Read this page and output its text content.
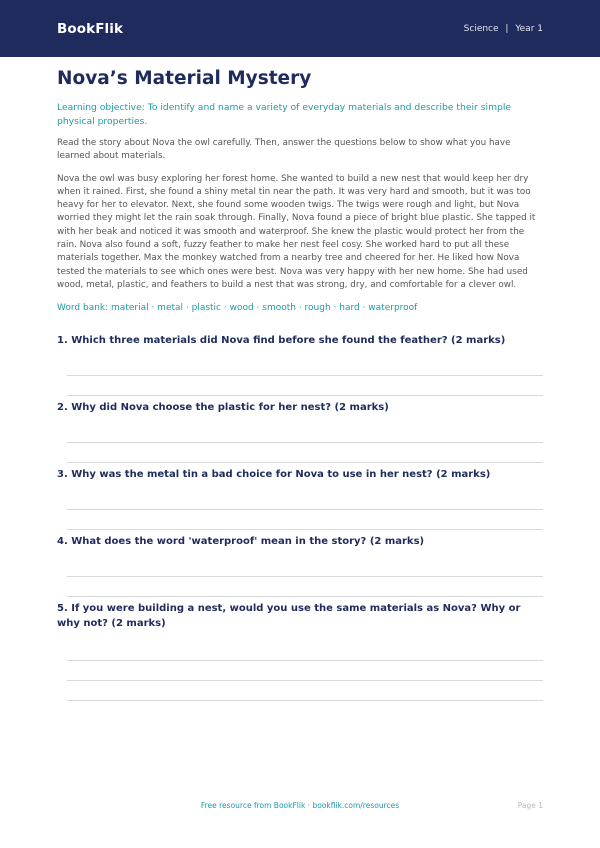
BookFlik	Science | Year 1
Nova’s Material Mystery
Learning objective: To identify and name a variety of everyday materials and describe their simple physical properties.
Read the story about Nova the owl carefully. Then, answer the questions below to show what you have learned about materials.
Nova the owl was busy exploring her forest home. She wanted to build a new nest that would keep her dry when it rained. First, she found a shiny metal tin near the path. It was very hard and smooth, but it was too heavy for her to elevator. Next, she found some wooden twigs. The twigs were rough and light, but Nova worried they might let the rain soak through. Finally, Nova found a piece of bright blue plastic. She tapped it with her beak and noticed it was smooth and waterproof. She knew the plastic would protect her from the rain. Nova also found a soft, fuzzy feather to make her nest feel cosy. She worked hard to put all these materials together. Max the monkey watched from a nearby tree and cheered for her. He liked how Nova tested the materials to see which ones were best. Nova was very happy with her new home. She had used wood, metal, plastic, and feathers to build a nest that was strong, dry, and comfortable for a clever owl.
Word bank: material · metal · plastic · wood · smooth · rough · hard · waterproof
1. Which three materials did Nova find before she found the feather? (2 marks)
2. Why did Nova choose the plastic for her nest? (2 marks)
3. Why was the metal tin a bad choice for Nova to use in her nest? (2 marks)
4. What does the word 'waterproof' mean in the story? (2 marks)
5. If you were building a nest, would you use the same materials as Nova? Why or why not? (2 marks)
Free resource from BookFlik · bookflik.com/resources	Page 1
